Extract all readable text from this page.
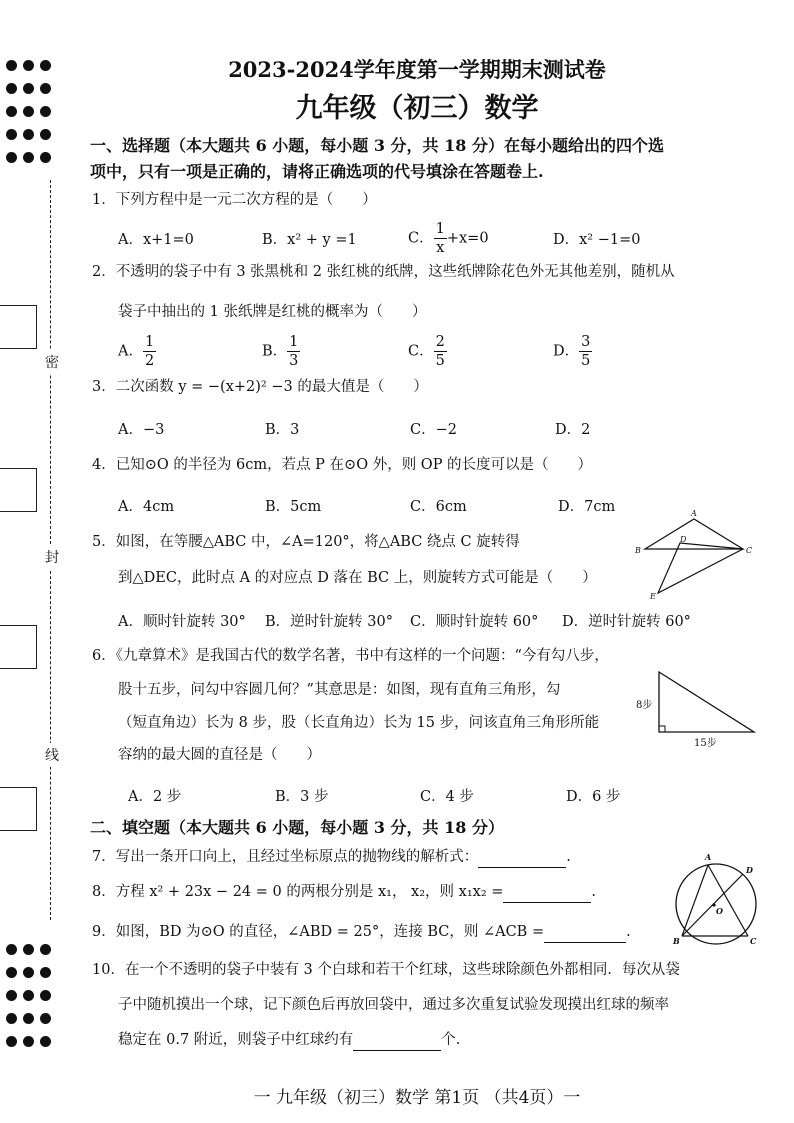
密
封
线
2023-2024学年度第一学期期末测试卷
九年级（初三）数学
一、选择题（本大题共 6 小题，每小题 3 分，共 18 分）在每小题给出的四个选
项中，只有一项是正确的，请将正确选项的代号填涂在答题卷上.
1．下列方程中是一元二次方程的是（　　）
A．x+1=0	B．x² + y =1	C． $\frac{1}{x} +x=0$	D．x² −1=0
2．不透明的袋子中有 3 张黑桃和 2 张红桃的纸牌，这些纸牌除花色外无其他差别，随机从
袋子中抽出的 1 张纸牌是红桃的概率为（　　）
A． $\frac{1}{2}$	B． $\frac{1}{3}$	C． $\frac{2}{5}$	D． $\frac{3}{5}$
3．二次函数 y = −(x+2)² −3 的最大值是（　　）
A．−3	B．3	C．−2	D．2
4．已知⊙O 的半径为 6cm，若点 P 在⊙O 外，则 OP 的长度可以是（　　）
A．4cm	B．5cm	C．6cm	D．7cm
5．如图，在等腰△ABC 中，∠A=120°，将△ABC 绕点 C 旋转得
到△DEC，此时点 A 的对应点 D 落在 BC 上，则旋转方式可能是（　　）
A．顺时针旋转 30° B．逆时针旋转 30° C．顺时针旋转 60° D．逆时针旋转 60°
A
B	C
D
E
6．《九章算术》是我国古代的数学名著，书中有这样的一个问题：“今有勾八步，
股十五步，问勾中容圆几何？”其意思是：如图，现有直角三角形，勾
（短直角边）长为 8 步，股（长直角边）长为 15 步，问该直角三角形所能
容纳的最大圆的直径是（　　）
A．2 步	B．3 步	C．4 步	D．6 步
8步
15步
二、填空题（本大题共 6 小题，每小题 3 分，共 18 分）
7．写出一条开口向上，且经过坐标原点的抛物线的解析式：	.
8．方程 x² + 23x − 24 = 0 的两根分别是 x₁， x₂，则 x₁x₂ =	.
9．如图，BD 为⊙O 的直径，∠ABD = 25°，连接 BC，则 ∠ACB =	.
A
D
O
B	C
10．在一个不透明的袋子中装有 3 个白球和若干个红球，这些球除颜色外都相同．每次从袋
子中随机摸出一个球，记下颜色后再放回袋中，通过多次重复试验发现摸出红球的频率
稳定在 0.7 附近，则袋子中红球约有	个.
一 九年级（初三）数学 第1页 （共4页）一
